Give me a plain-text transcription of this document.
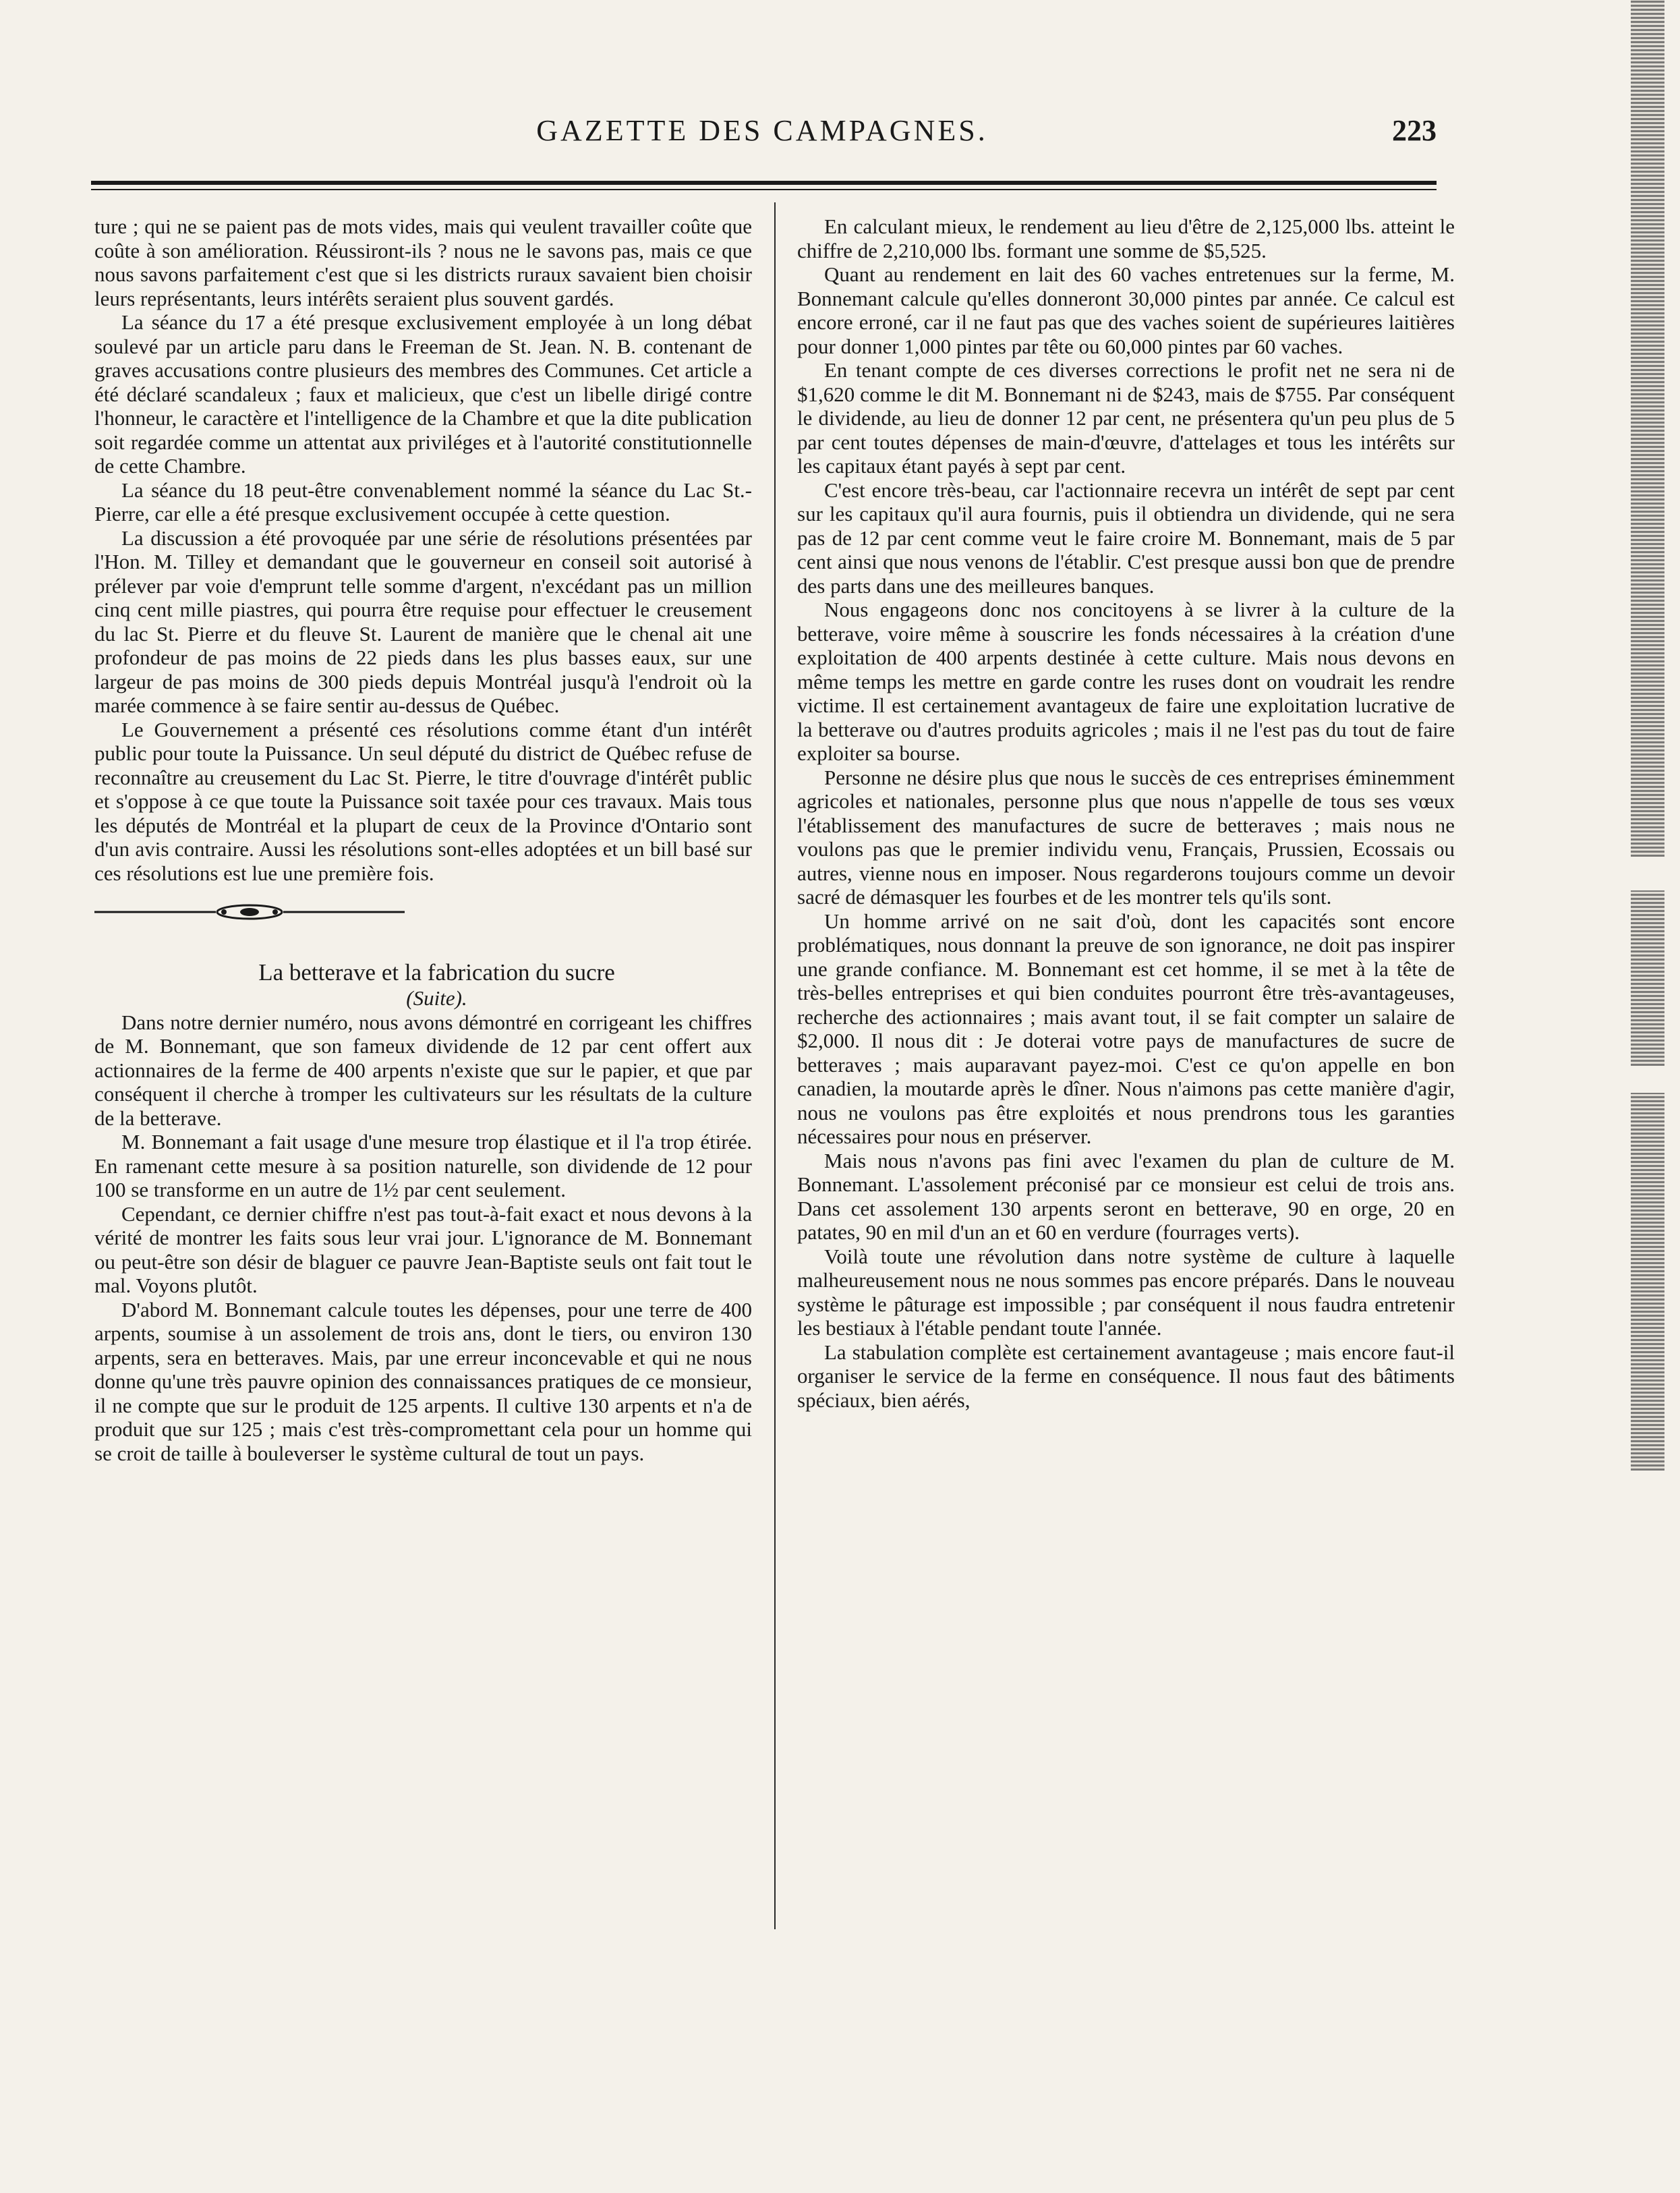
GAZETTE DES CAMPAGNES.	223

ture ; qui ne se paient pas de mots vides, mais qui veulent travailler coûte que coûte à son amélioration. Réussiront-ils ? nous ne le savons pas, mais ce que nous savons parfaitement c'est que si les districts ruraux savaient bien choisir leurs représentants, leurs intérêts seraient plus souvent gardés.

La séance du 17 a été presque exclusivement employée à un long débat soulevé par un article paru dans le Freeman de St. Jean. N. B. contenant de graves accusations contre plusieurs des membres des Communes. Cet article a été déclaré scandaleux ; faux et malicieux, que c'est un libelle dirigé contre l'honneur, le caractère et l'intelligence de la Chambre et que la dite publication soit regardée comme un attentat aux priviléges et à l'autorité constitutionnelle de cette Chambre.

La séance du 18 peut-être convenablement nommé la séance du Lac St.-Pierre, car elle a été presque exclusivement occupée à cette question.

La discussion a été provoquée par une série de résolutions présentées par l'Hon. M. Tilley et demandant que le gouverneur en conseil soit autorisé à prélever par voie d'emprunt telle somme d'argent, n'excédant pas un million cinq cent mille piastres, qui pourra être requise pour effectuer le creusement du lac St. Pierre et du fleuve St. Laurent de manière que le chenal ait une profondeur de pas moins de 22 pieds dans les plus basses eaux, sur une largeur de pas moins de 300 pieds depuis Montréal jusqu'à l'endroit où la marée commence à se faire sentir au-dessus de Québec.

Le Gouvernement a présenté ces résolutions comme étant d'un intérêt public pour toute la Puissance. Un seul député du district de Québec refuse de reconnaître au creusement du Lac St. Pierre, le titre d'ouvrage d'intérêt public et s'oppose à ce que toute la Puissance soit taxée pour ces travaux. Mais tous les députés de Montréal et la plupart de ceux de la Province d'Ontario sont d'un avis contraire. Aussi les résolutions sont-elles adoptées et un bill basé sur ces résolutions est lue une première fois.

La betterave et la fabrication du sucre

(Suite).

Dans notre dernier numéro, nous avons démontré en corrigeant les chiffres de M. Bonnemant, que son fameux dividende de 12 par cent offert aux actionnaires de la ferme de 400 arpents n'existe que sur le papier, et que par conséquent il cherche à tromper les cultivateurs sur les résultats de la culture de la betterave.

M. Bonnemant a fait usage d'une mesure trop élastique et il l'a trop étirée. En ramenant cette mesure à sa position naturelle, son dividende de 12 pour 100 se transforme en un autre de 1½ par cent seulement.

Cependant, ce dernier chiffre n'est pas tout-à-fait exact et nous devons à la vérité de montrer les faits sous leur vrai jour. L'ignorance de M. Bonnemant ou peut-être son désir de blaguer ce pauvre Jean-Baptiste seuls ont fait tout le mal. Voyons plutôt.

D'abord M. Bonnemant calcule toutes les dépenses, pour une terre de 400 arpents, soumise à un assolement de trois ans, dont le tiers, ou environ 130 arpents, sera en betteraves. Mais, par une erreur inconcevable et qui ne nous donne qu'une très pauvre opinion des connaissances pratiques de ce monsieur, il ne compte que sur le produit de 125 arpents. Il cultive 130 arpents et n'a de produit que sur 125 ; mais c'est très-compromettant cela pour un homme qui se croit de taille à bouleverser le système cultural de tout un pays.

En calculant mieux, le rendement au lieu d'être de 2,125,000 lbs. atteint le chiffre de 2,210,000 lbs. formant une somme de $5,525.

Quant au rendement en lait des 60 vaches entretenues sur la ferme, M. Bonnemant calcule qu'elles donneront 30,000 pintes par année. Ce calcul est encore erroné, car il ne faut pas que des vaches soient de supérieures laitières pour donner 1,000 pintes par tête ou 60,000 pintes par 60 vaches.

En tenant compte de ces diverses corrections le profit net ne sera ni de $1,620 comme le dit M. Bonnemant ni de $243, mais de $755. Par conséquent le dividende, au lieu de donner 12 par cent, ne présentera qu'un peu plus de 5 par cent toutes dépenses de main-d'œuvre, d'attelages et tous les intérêts sur les capitaux étant payés à sept par cent.

C'est encore très-beau, car l'actionnaire recevra un intérêt de sept par cent sur les capitaux qu'il aura fournis, puis il obtiendra un dividende, qui ne sera pas de 12 par cent comme veut le faire croire M. Bonnemant, mais de 5 par cent ainsi que nous venons de l'établir. C'est presque aussi bon que de prendre des parts dans une des meilleures banques.

Nous engageons donc nos concitoyens à se livrer à la culture de la betterave, voire même à souscrire les fonds nécessaires à la création d'une exploitation de 400 arpents destinée à cette culture. Mais nous devons en même temps les mettre en garde contre les ruses dont on voudrait les rendre victime. Il est certainement avantageux de faire une exploitation lucrative de la betterave ou d'autres produits agricoles ; mais il ne l'est pas du tout de faire exploiter sa bourse.

Personne ne désire plus que nous le succès de ces entreprises éminemment agricoles et nationales, personne plus que nous n'appelle de tous ses vœux l'établissement des manufactures de sucre de betteraves ; mais nous ne voulons pas que le premier individu venu, Français, Prussien, Ecossais ou autres, vienne nous en imposer. Nous regarderons toujours comme un devoir sacré de démasquer les fourbes et de les montrer tels qu'ils sont.

Un homme arrivé on ne sait d'où, dont les capacités sont encore problématiques, nous donnant la preuve de son ignorance, ne doit pas inspirer une grande confiance. M. Bonnemant est cet homme, il se met à la tête de très-belles entreprises et qui bien conduites pourront être très-avantageuses, recherche des actionnaires ; mais avant tout, il se fait compter un salaire de $2,000. Il nous dit : Je doterai votre pays de manufactures de sucre de betteraves ; mais auparavant payez-moi. C'est ce qu'on appelle en bon canadien, la moutarde après le dîner. Nous n'aimons pas cette manière d'agir, nous ne voulons pas être exploités et nous prendrons tous les garanties nécessaires pour nous en préserver.

Mais nous n'avons pas fini avec l'examen du plan de culture de M. Bonnemant. L'assolement préconisé par ce monsieur est celui de trois ans. Dans cet assolement 130 arpents seront en betterave, 90 en orge, 20 en patates, 90 en mil d'un an et 60 en verdure (fourrages verts).

Voilà toute une révolution dans notre système de culture à laquelle malheureusement nous ne nous sommes pas encore préparés. Dans le nouveau système le pâturage est impossible ; par conséquent il nous faudra entretenir les bestiaux à l'étable pendant toute l'année.

La stabulation complète est certainement avantageuse ; mais encore faut-il organiser le service de la ferme en conséquence. Il nous faut des bâtiments spéciaux, bien aérés,
